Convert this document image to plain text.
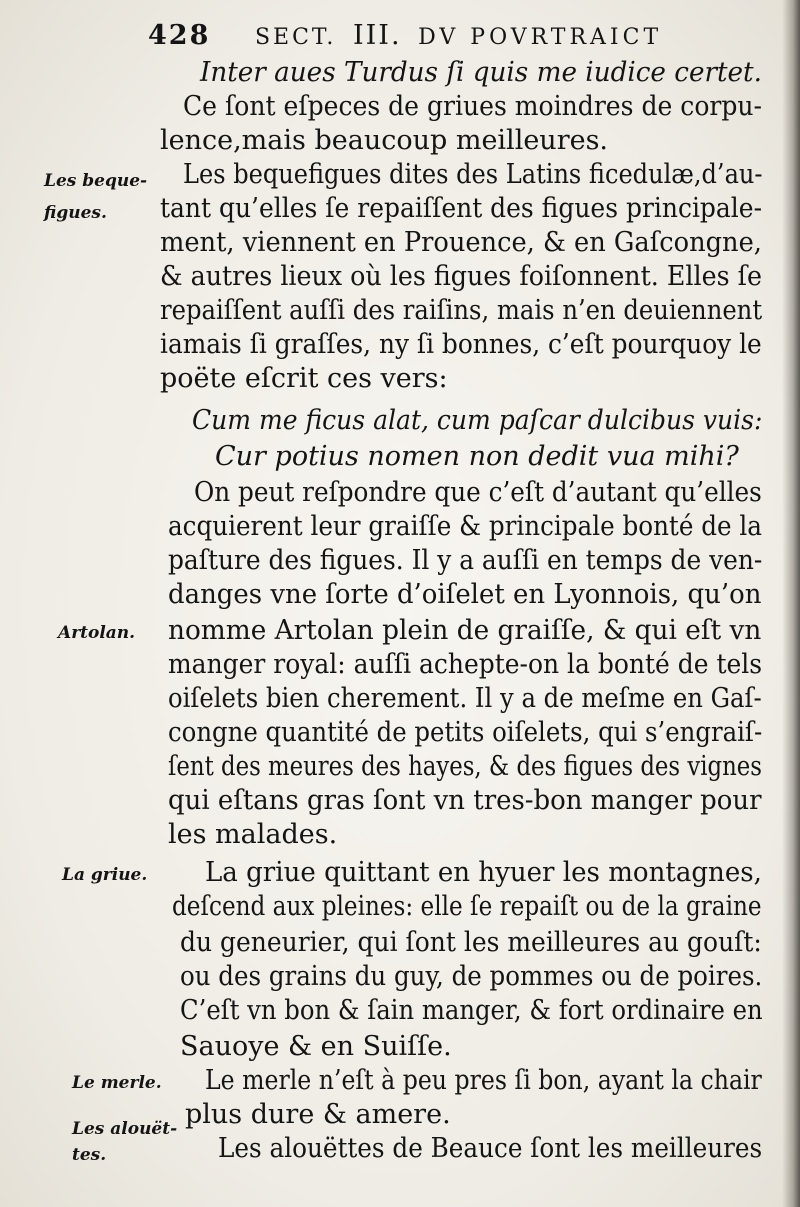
428 SECT. III. DV POVRTRAICT
Inter aues Turdus ſi quis me iudice certet.
Ce ſont eſpeces de griues moindres de corpu-
lence,mais beaucoup meilleures.
Les bequefigues dites des Latins ficedulæ,d’au-
tant qu’elles ſe repaiſſent des figues principale-
ment, viennent en Prouence, & en Gaſcongne,
& autres lieux où les figues foiſonnent. Elles ſe
repaiſſent auſſi des raiſins, mais n’en deuiennent
iamais ſi graſſes, ny ſi bonnes, c’eſt pourquoy le
poëte eſcrit ces vers:
Cum me ficus alat, cum paſcar dulcibus vuis:
Cur potius nomen non dedit vua mihi?
On peut reſpondre que c’eſt d’autant qu’elles
acquierent leur graiſſe & principale bonté de la
paſture des figues. Il y a auſſi en temps de ven-
danges vne ſorte d’oiſelet en Lyonnois, qu’on
nomme Artolan plein de graiſſe, & qui eſt vn
manger royal: auſſi achepte-on la bonté de tels
oiſelets bien cherement. Il y a de meſme en Gaſ-
congne quantité de petits oiſelets, qui s’engraiſ-
ſent des meures des hayes, & des figues des vignes
qui eſtans gras ſont vn tres-bon manger pour
les malades.
La griue quittant en hyuer les montagnes,
deſcend aux pleines: elle ſe repaiſt ou de la graine
du geneurier, qui ſont les meilleures au gouſt:
ou des grains du guy, de pommes ou de poires.
C’eſt vn bon & ſain manger, & fort ordinaire en
Sauoye & en Suiſſe.
Le merle n’eſt à peu pres ſi bon, ayant la chair
plus dure & amere.
Les alouëttes de Beauce ſont les meilleures
Les beque-
figues.
Artolan.
La griue.
Le merle.
Les alouët-
tes.
